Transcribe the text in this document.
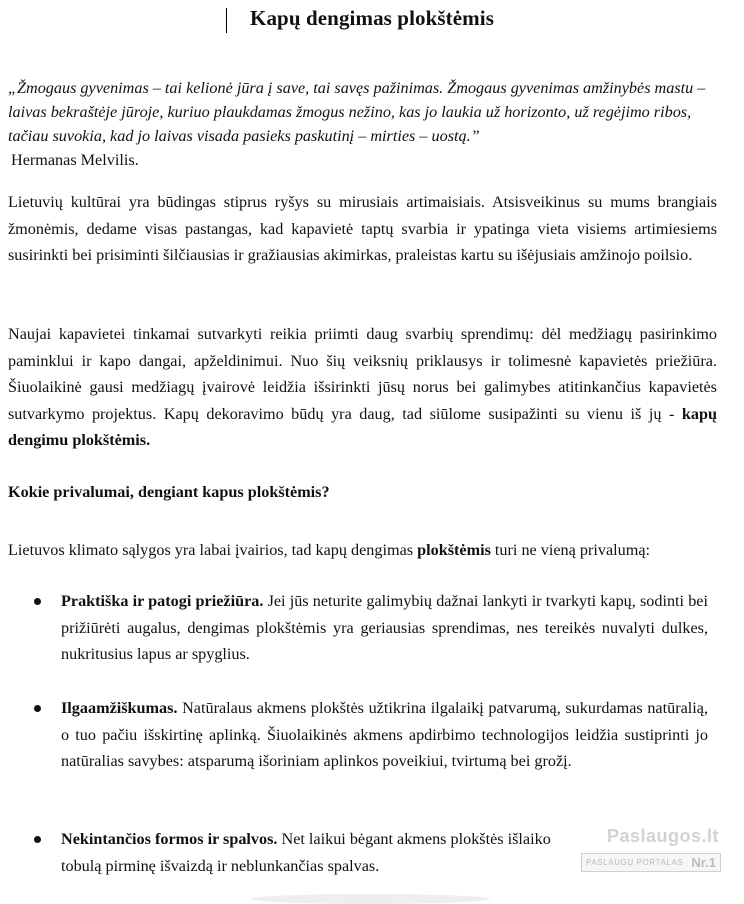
Kapų dengimas plokštėmis

„Žmogaus gyvenimas – tai kelionė jūra į save, tai savęs pažinimas. Žmogaus gyvenimas amžinybės mastu – laivas bekraštėje jūroje, kuriuo plaukdamas žmogus nežino, kas jo laukia už horizonto, už regėjimo ribos, tačiau suvokia, kad jo laivas visada pasieks paskutinį – mirties – uostą.”
Hermanas Melvilis.

Lietuvių kultūrai yra būdingas stiprus ryšys su mirusiais artimaisiais. Atsisveikinus su mums brangiais žmonėmis, dedame visas pastangas, kad kapavietė taptų svarbia ir ypatinga vieta visiems artimiesiems susirinkti bei prisiminti šilčiausias ir gražiausias akimirkas, praleistas kartu su išėjusiais amžinojo poilsio.

Naujai kapavietei tinkamai sutvarkyti reikia priimti daug svarbių sprendimų: dėl medžiagų pasirinkimo paminklui ir kapo dangai, apželdinimui. Nuo šių veiksnių priklausys ir tolimesnė kapavietės priežiūra. Šiuolaikinė gausi medžiagų įvairovė leidžia išsirinkti jūsų norus bei galimybes atitinkančius kapavietės sutvarkymo projektus. Kapų dekoravimo būdų yra daug, tad siūlome susipažinti su vienu iš jų - kapų dengimu plokštėmis.

Kokie privalumai, dengiant kapus plokštėmis?

Lietuvos klimato sąlygos yra labai įvairios, tad kapų dengimas plokštėmis turi ne vieną privalumą:

Praktiška ir patogi priežiūra. Jei jūs neturite galimybių dažnai lankyti ir tvarkyti kapų, sodinti bei prižiūrėti augalus, dengimas plokštėmis yra geriausias sprendimas, nes tereikės nuvalyti dulkes, nukritusius lapus ar spyglius.

Ilgaamžiškumas. Natūralaus akmens plokštės užtikrina ilgalaikį patvarumą, sukurdamas natūralią, o tuo pačiu išskirtinę aplinką. Šiuolaikinės akmens apdirbimo technologijos leidžia sustiprinti jo natūralias savybes: atsparumą išoriniam aplinkos poveikiui, tvirtumą bei grožį.

Nekintančios formos ir spalvos. Net laikui bėgant akmens plokštės išlaiko tobulą pirminę išvaizdą ir neblunkančias spalvas.

Paslaugos.lt
PASLAUGŲ PORTALAS Nr.1
